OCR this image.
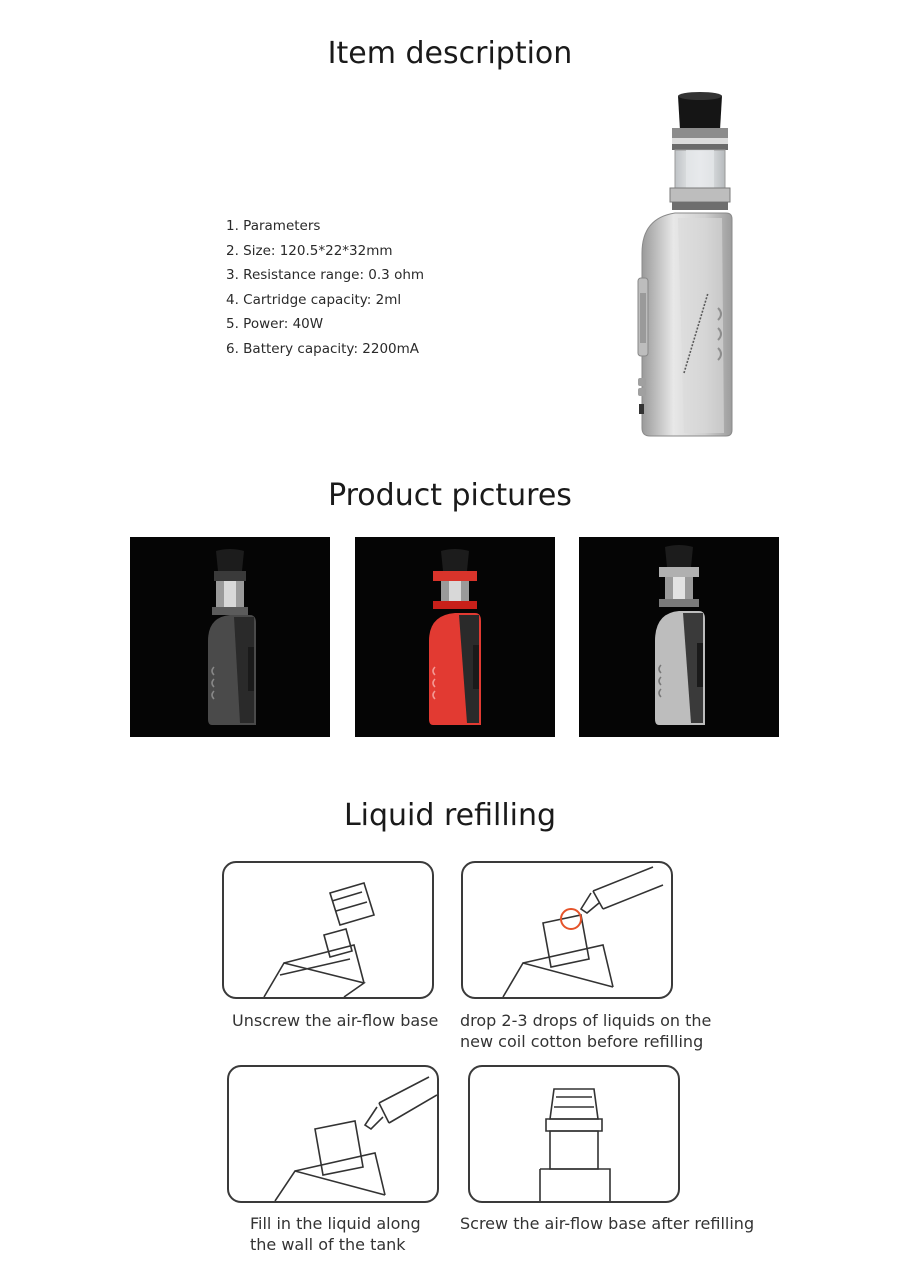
Item description
1. Parameters
2. Size: 120.5*22*32mm
3. Resistance range: 0.3 ohm
4. Cartridge capacity: 2ml
5. Power: 40W
6. Battery capacity: 2200mA
Product pictures
Liquid refilling
Unscrew the air-flow base drop 2-3 drops of liquids on the
new coil cotton before refilling
Fill in the liquid along
the wall of the tank
Screw the air-flow base after refilling
